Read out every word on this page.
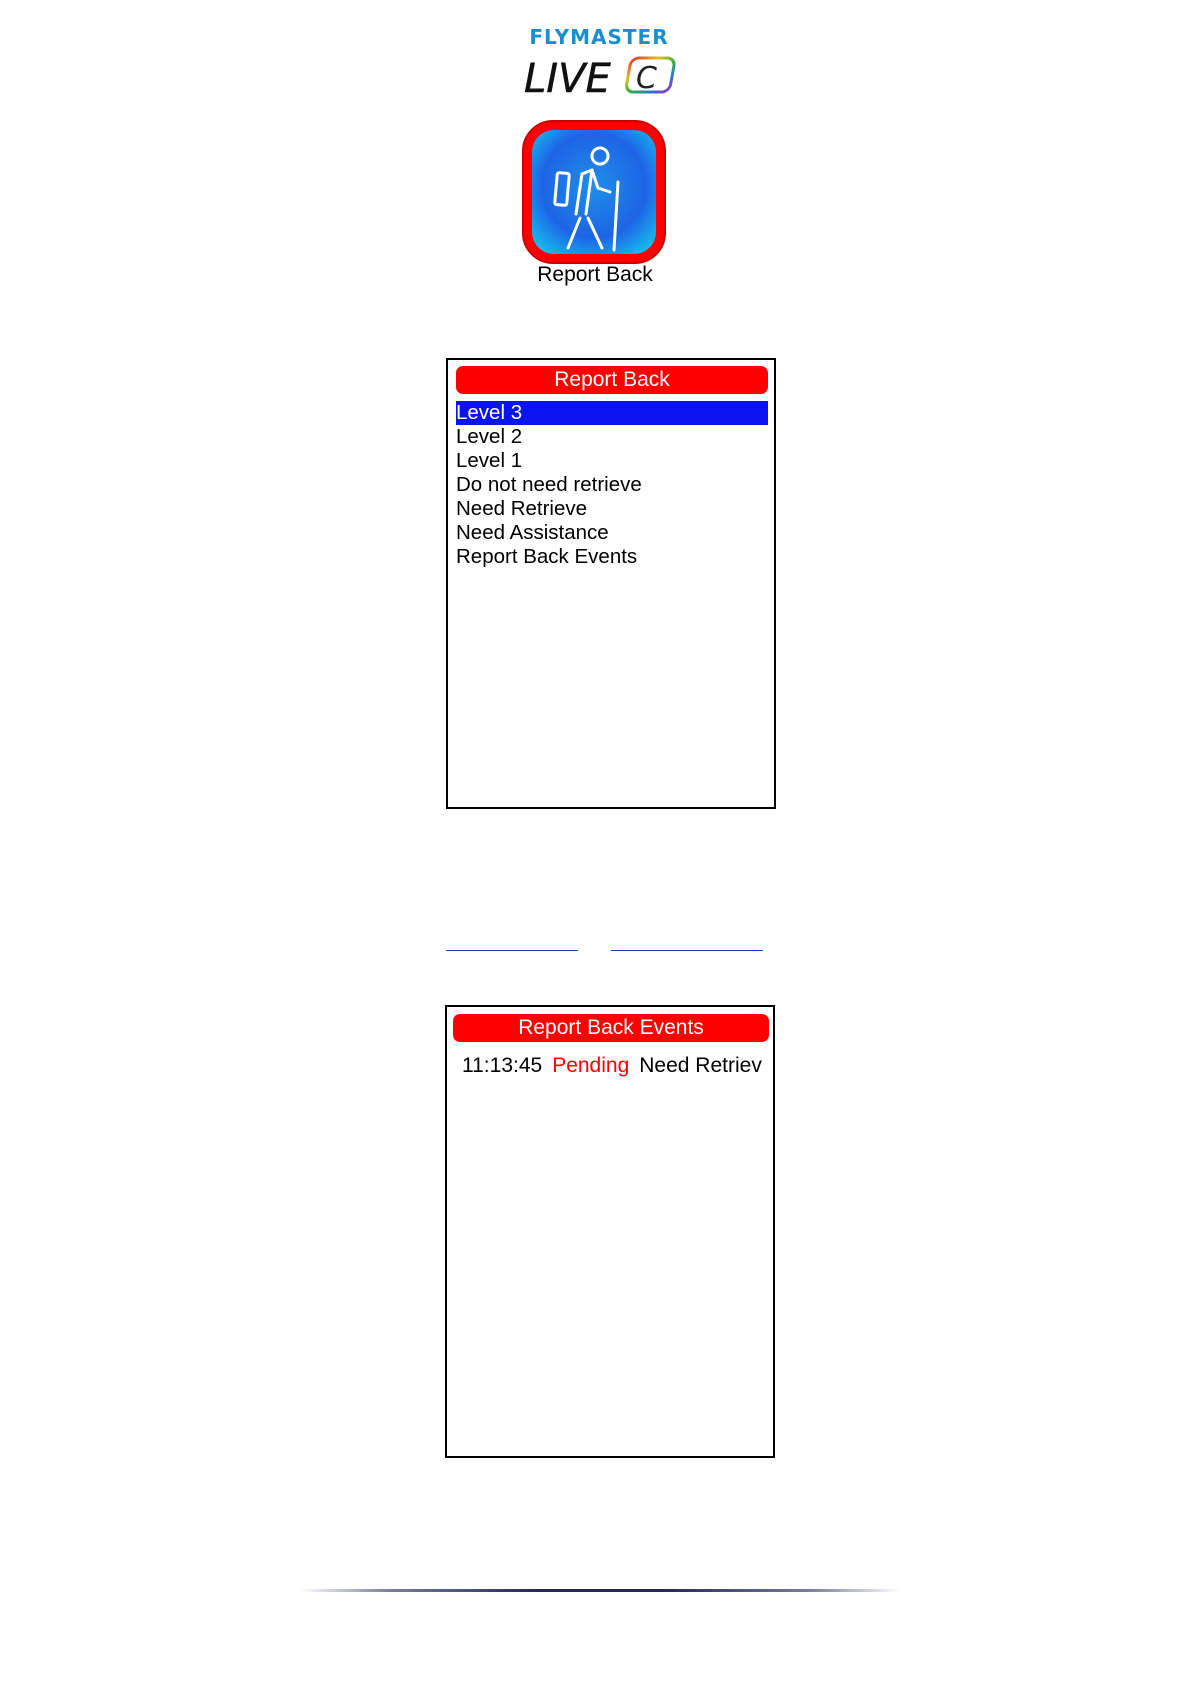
FLYMASTER
LIVE C
Report Back
Report Back
Level 3
Level 2
Level 1
Do not need retrieve
Need Retrieve
Need Assistance
Report Back Events
Report Back Events
11:13:45 Pending Need Retriev
